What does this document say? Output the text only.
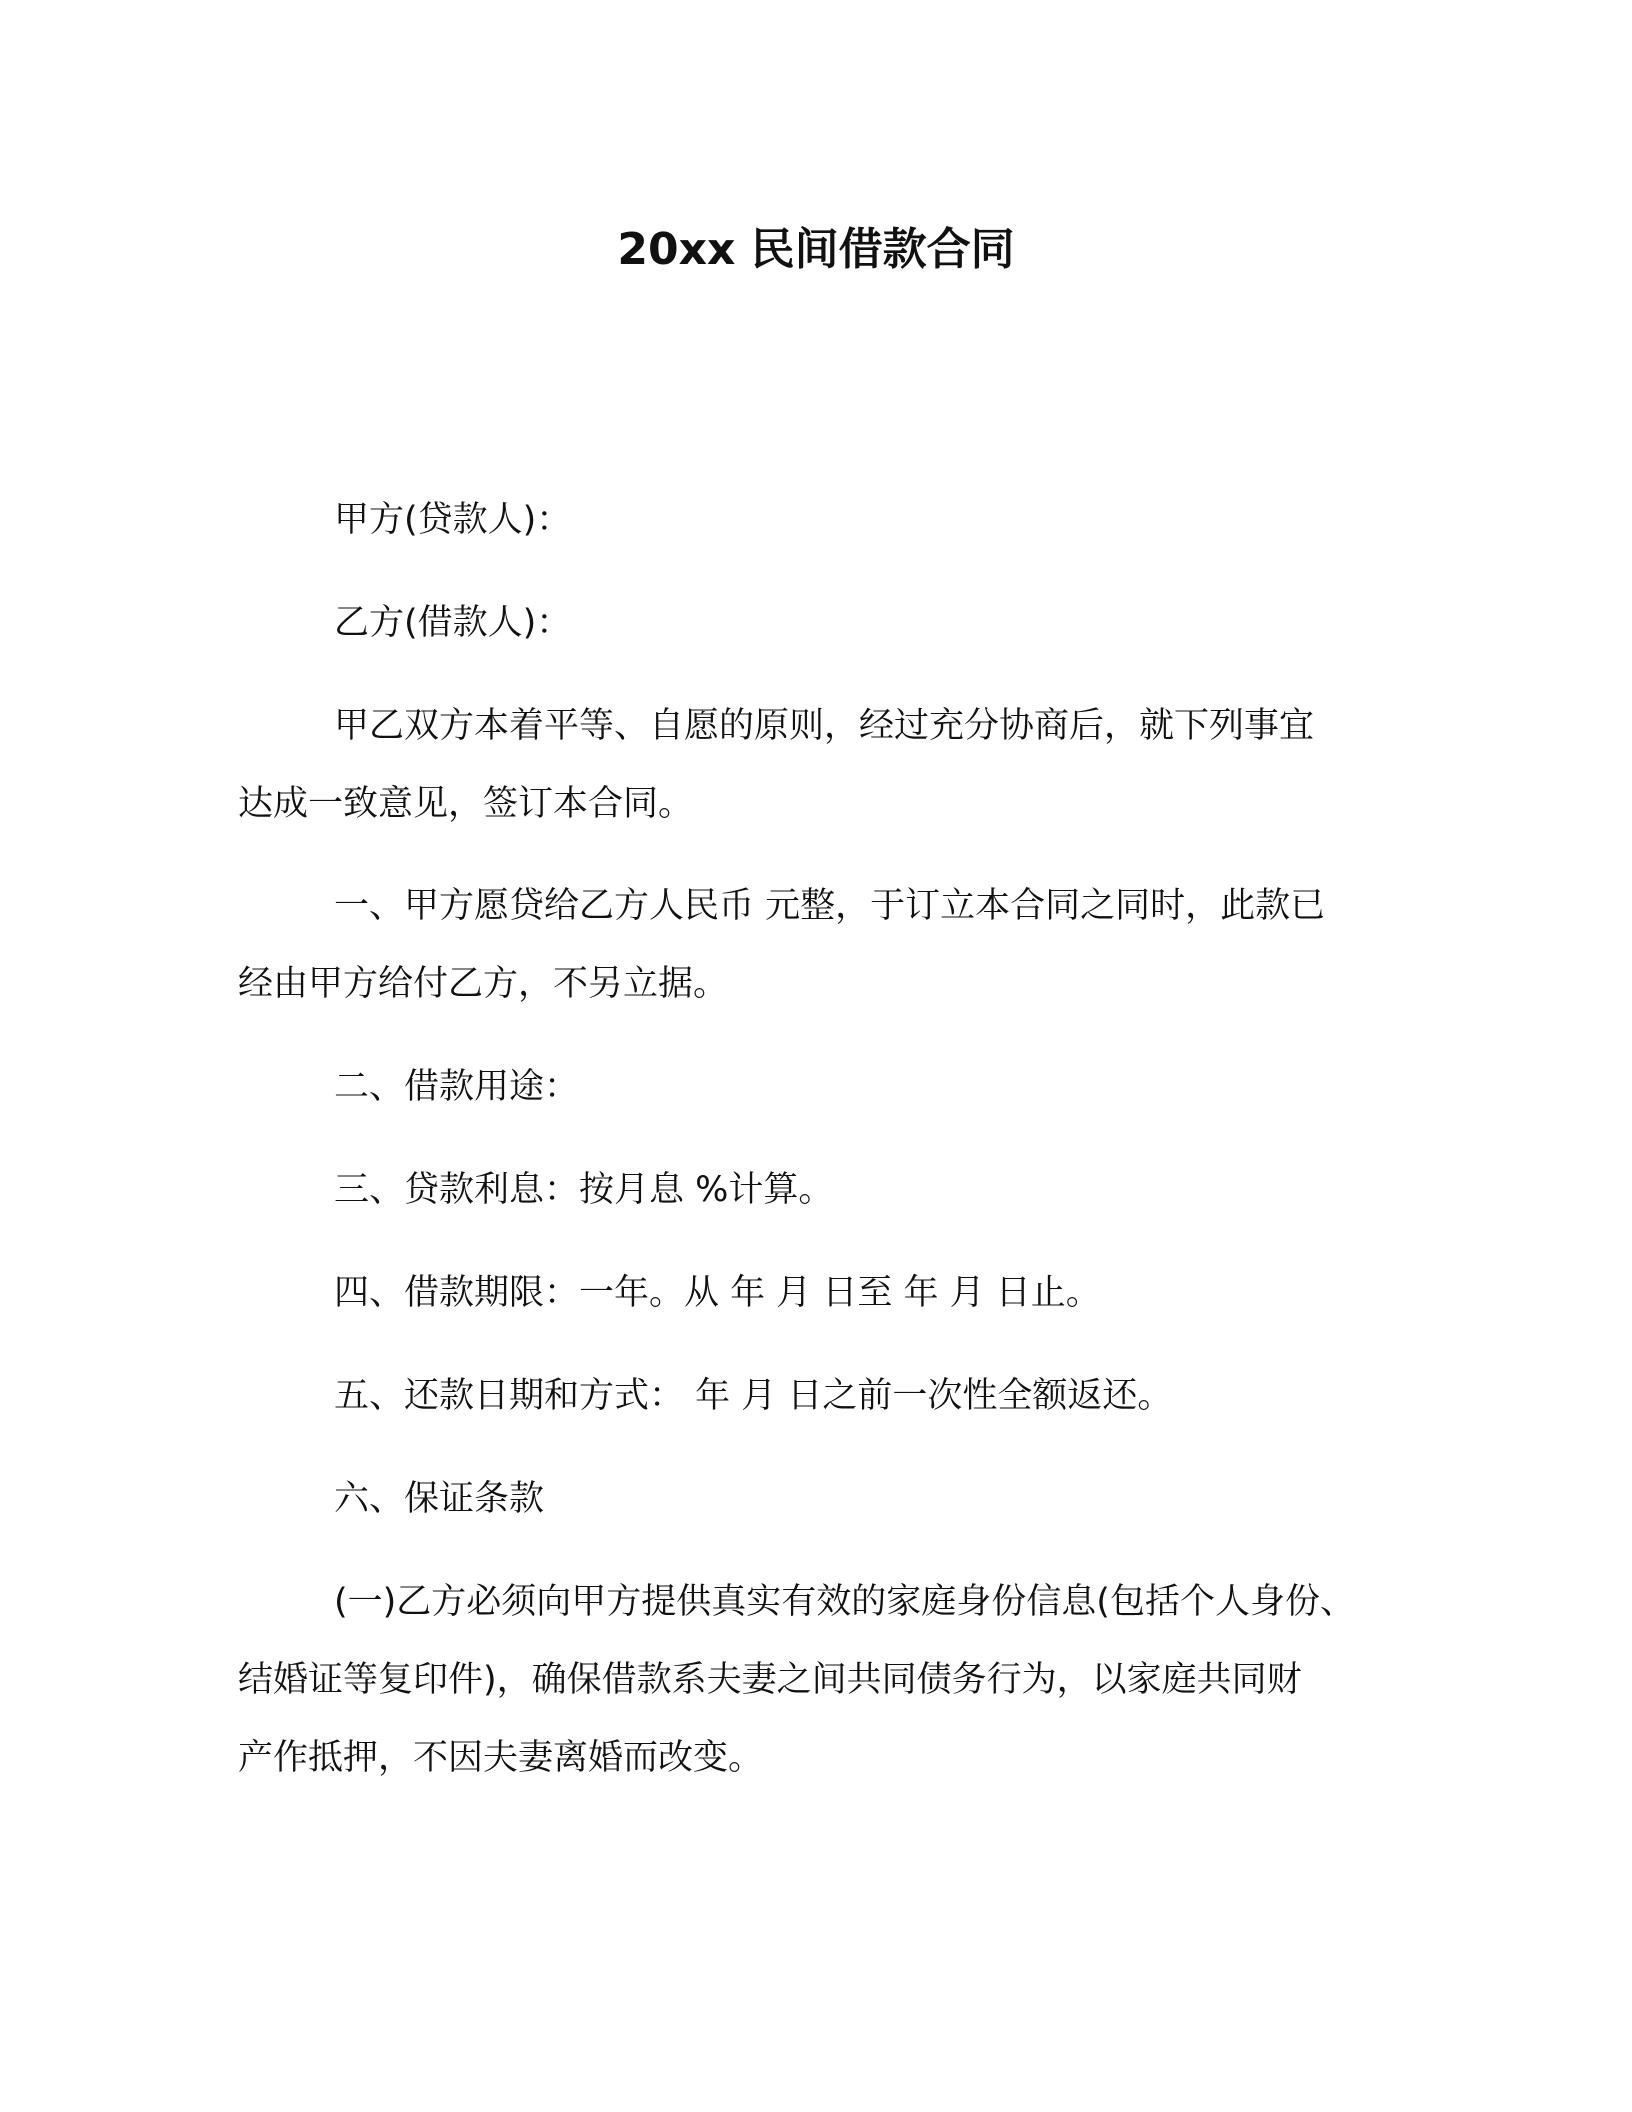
20xx 民间借款合同
甲方(贷款人)：
乙方(借款人)：
甲乙双方本着平等、自愿的原则，经过充分协商后，就下列事宜
达成一致意见，签订本合同。
一、甲方愿贷给乙方人民币 元整，于订立本合同之同时，此款已
经由甲方给付乙方，不另立据。
二、借款用途：
三、贷款利息：按月息 %计算。
四、借款期限：一年。从 年 月 日至 年 月 日止。
五、还款日期和方式： 年 月 日之前一次性全额返还。
六、保证条款
(一)乙方必须向甲方提供真实有效的家庭身份信息(包括个人身份、
结婚证等复印件)，确保借款系夫妻之间共同债务行为，以家庭共同财
产作抵押，不因夫妻离婚而改变。
